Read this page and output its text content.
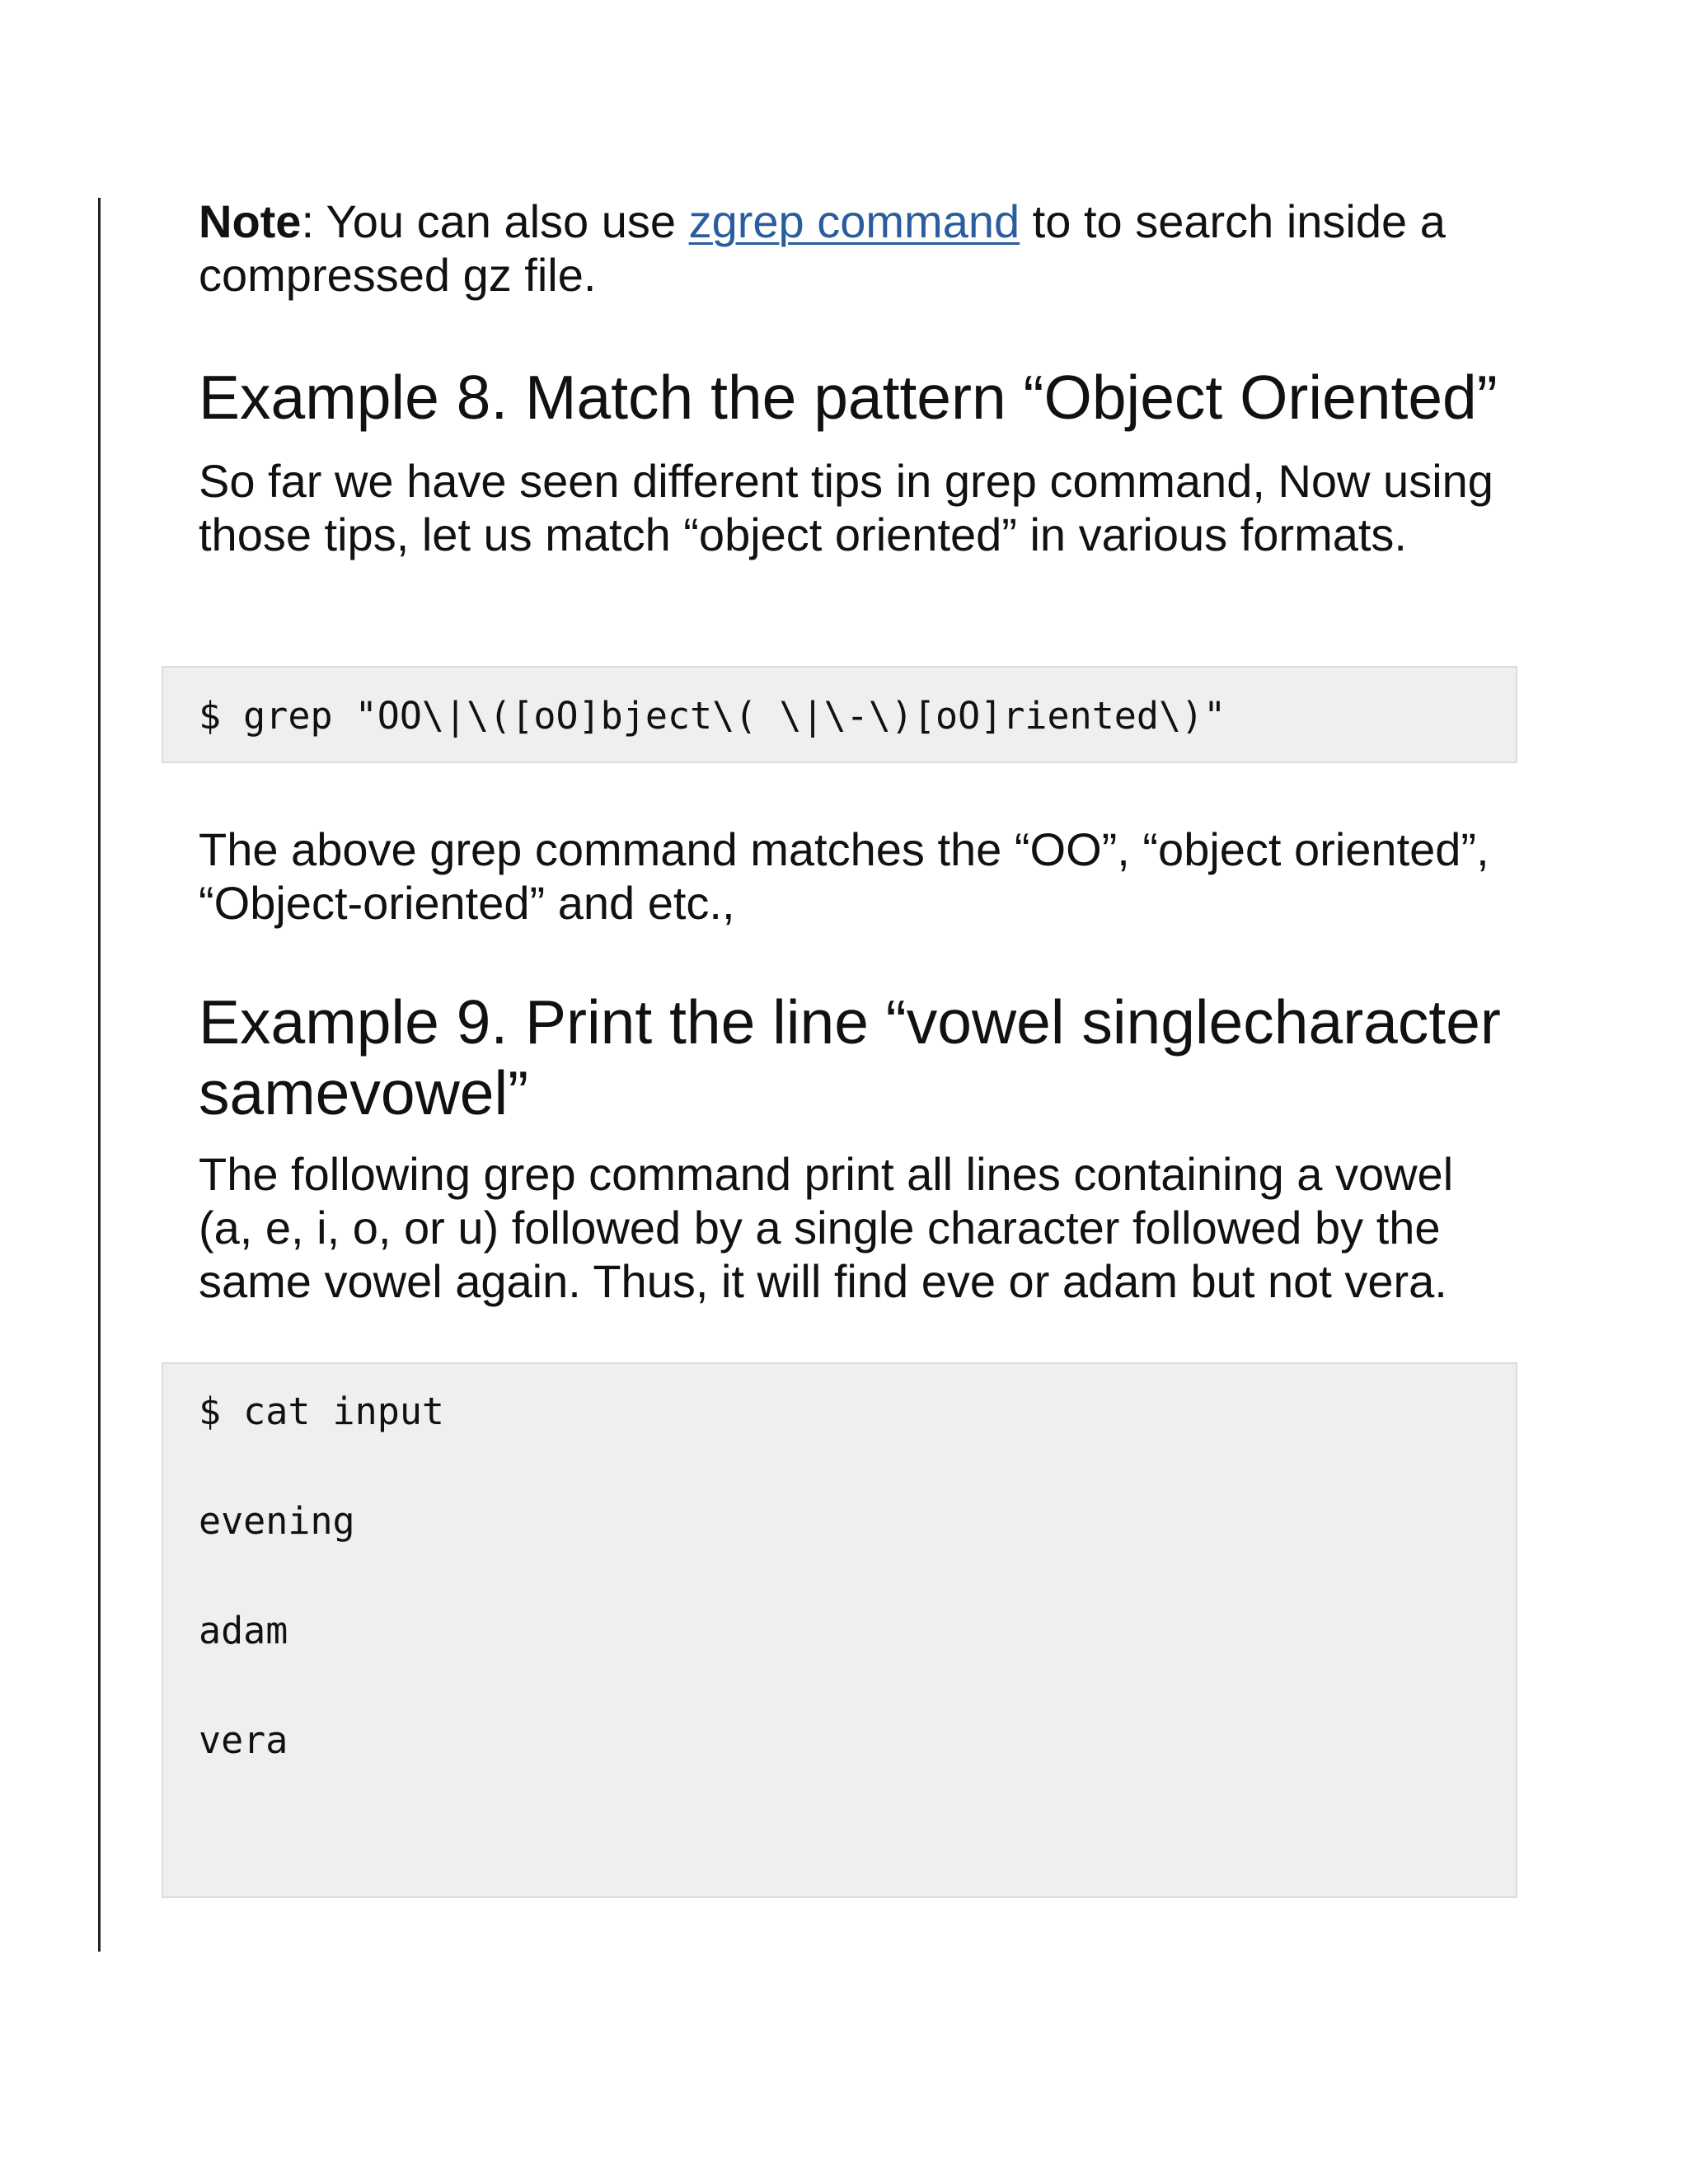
Note: You can also use zgrep command to to search inside a compressed gz file.

Example 8. Match the pattern “Object Oriented”

So far we have seen different tips in grep command, Now using those tips, let us match “object oriented” in various formats.

$ grep "OO\|\([oO]bject\( \|\-\)[oO]riented\)"

The above grep command matches the “OO”, “object oriented”, “Object-oriented” and etc.,

Example 9. Print the line “vowel singlecharacter samevowel”

The following grep command print all lines containing a vowel (a, e, i, o, or u) followed by a single character followed by the same vowel again. Thus, it will find eve or adam but not vera.

$ cat input
evening
adam
vera
